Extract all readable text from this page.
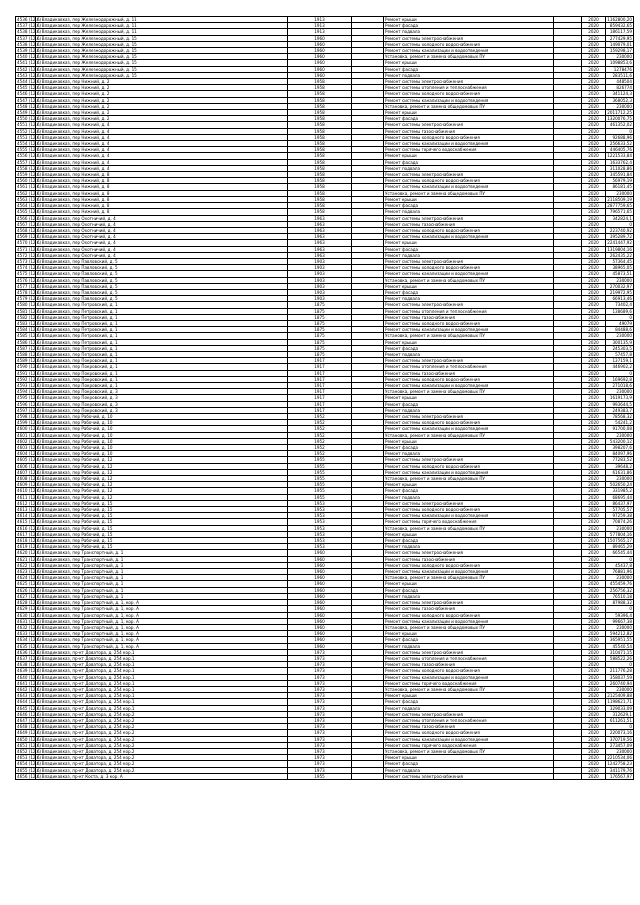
4536 (12.6)	г. Владикавказ, пер Железнодорожный, д. 11	1913		Ремонт крыши		2020	1162800,20
4537 (12.6)	г. Владикавказ, пер Железнодорожный, д. 11	1913		Ремонт фасада		2020	859432,65
4538 (12.6)	г. Владикавказ, пер Железнодорожный, д. 11	1913		Ремонт подвала		2020	186117,59
4537 (12.6)	г. Владикавказ, пер Железнодорожный, д. 15	1960		Ремонт системы электроснабжения		2020	277429,95
4538 (12.6)	г. Владикавказ, пер Железнодорожный, д. 15	1960		Ремонт системы холодного водоснабжения		2020	149079,01
4539 (12.6)	г. Владикавказ, пер Железнодорожный, д. 15	1960		Ремонт системы канализации и водоотведения		2020	159298,17
4540 (12.6)	г. Владикавказ, пер Железнодорожный, д. 15	1960		Установка, ремонт и замена общедомовых ПУ		2020	230000
4541 (12.6)	г. Владикавказ, пер Железнодорожный, д. 15	1960		Ремонт крыши		2020	1098853,6
4542 (12.6)	г. Владикавказ, пер Железнодорожный, д. 15	1960		Ремонт фасада		2020	1278476
4543 (12.6)	г. Владикавказ, пер Железнодорожный, д. 15	1960		Ремонт подвала		2020	283511,6
4544 (12.6)	г. Владикавказ, пер Нижний, д. 2	1958		Ремонт системы электроснабжения		2020	448504
4545 (12.6)	г. Владикавказ, пер Нижний, д. 2	1958		Ремонт системы отопления и теплоснабжения		2020	826774
4546 (12.6)	г. Владикавказ, пер Нижний, д. 2	1958		Ремонт системы холодного водоснабжения		2020	341124,3
4547 (12.6)	г. Владикавказ, пер Нижний, д. 2	1958		Ремонт системы канализации и водоотведения		2020	368052,3
4548 (12.6)	г. Владикавказ, пер Нижний, д. 2	1958		Установка, ремонт и замена общедомовых ПУ		2020	230000
4549 (12.6)	г. Владикавказ, пер Нижний, д. 2	1958		Ремонт крыши		2020	2011712,25
4550 (12.6)	г. Владикавказ, пер Нижний, д. 2	1958		Ремонт фасада		2020	1320076,75
4551 (12.6)	г. Владикавказ, пер Нижний, д. 4	1958		Ремонт системы электроснабжения		2020	461352,02
4552 (12.6)	г. Владикавказ, пер Нижний, д. 4	1958		Ремонт системы газоснабжения		2020	0
4553 (12.6)	г. Владикавказ, пер Нижний, д. 4	1958		Ремонт системы холодного водоснабжения		2020	92688,96
4554 (12.6)	г. Владикавказ, пер Нижний, д. 4	1958		Ремонт системы канализации и водоотведения		2020	256633,52
4555 (12.6)	г. Владикавказ, пер Нижний, д. 4	1958		Ремонт системы горячего водоснабжения		2020	446405,76
4556 (12.6)	г. Владикавказ, пер Нижний, д. 4	1958		Ремонт крыши		2020	1221533,84
4557 (12.6)	г. Владикавказ, пер Нижний, д. 4	1958		Ремонт фасада		2020	1633762,4
4558 (12.6)	г. Владикавказ, пер Нижний, д. 4	1958		Ремонт подвала		2020	311028,86
4559 (12.6)	г. Владикавказ, пер Нижний, д. 8	1958		Ремонт системы электроснабжения		2020	345591,84
4560 (12.6)	г. Владикавказ, пер Нижний, д. 8	1958		Ремонт системы холодного водоснабжения		2020	56979,19
4561 (12.6)	г. Владикавказ, пер Нижний, д. 8	1958		Ремонт системы канализации и водоотведения		2020	86181,45
4562 (12.6)	г. Владикавказ, пер Нижний, д. 8	1958		Установка, ремонт и замена общедомовых ПУ		2020	230000
4563 (12.6)	г. Владикавказ, пер Нижний, д. 8	1958		Ремонт крыши		2020	2118509,19
4564 (12.6)	г. Владикавказ, пер Нижний, д. 8	1958		Ремонт фасада		2020	2877759,65
4565 (12.6)	г. Владикавказ, пер Нижний, д. 8	1958		Ремонт подвала		2020	796571,65
4566 (12.6)	г. Владикавказ, пер Охотничий, д. 4	1963		Ремонт системы электроснабжения		2020	342824,1
4567 (12.6)	г. Владикавказ, пер Охотничий, д. 4	1963		Ремонт системы газоснабжения		2020	0
4568 (12.6)	г. Владикавказ, пер Охотничий, д. 4	1963		Ремонт системы холодного водоснабжения		2020	223740,92
4569 (12.6)	г. Владикавказ, пер Охотничий, д. 4	1963		Ремонт системы канализации и водоотведения		2020	395289,72
4570 (12.6)	г. Владикавказ, пер Охотничий, д. 4	1963		Ремонт крыши		2020	2241447,92
4571 (12.6)	г. Владикавказ, пер Охотничий, д. 4	1963		Ремонт фасада		2020	1319804,16
4572 (12.6)	г. Владикавказ, пер Охотничий, д. 4	1963		Ремонт подвала		2020	262435,22
4573 (12.6)	г. Владикавказ, пер Павловский, д. 5	1903		Ремонт системы электроснабжения		2020	57364,45
4574 (12.6)	г. Владикавказ, пер Павловский, д. 5	1903		Ремонт системы холодного водоснабжения		2020	38965,05
4575 (12.6)	г. Владикавказ, пер Павловский, д. 5	1903		Ремонт системы канализации и водоотведения		2020	45873,51
4576 (12.6)	г. Владикавказ, пер Павловский, д. 5	1903		Установка, ремонт и замена общедомовых ПУ		2020	230000
4577 (12.6)	г. Владикавказ, пер Павловский, д. 5	1903		Ремонт крыши		2020	270032,97
4578 (12.6)	г. Владикавказ, пер Павловский, д. 5	1903		Ремонт фасада		2020	219972,95
4579 (12.6)	г. Владикавказ, пер Павловский, д. 5	1903		Ремонт подвала		2020	66913,46
4580 (12.6)	г. Владикавказ, пер Петровский, д. 1	1875		Ремонт системы электроснабжения		2020	73402,4
4581 (12.6)	г. Владикавказ, пер Петровский, д. 1	1875		Ремонт системы отопления и теплоснабжения		2020	138689,6
4582 (12.6)	г. Владикавказ, пер Петровский, д. 1	1875		Ремонт системы газоснабжения		2020	0
4583 (12.6)	г. Владикавказ, пер Петровский, д. 1	1875		Ремонт системы холодного водоснабжения		2020	49079
4584 (12.6)	г. Владикавказ, пер Петровский, д. 1	1875		Ремонт системы канализации и водоотведения		2020	84488,6
4585 (12.6)	г. Владикавказ, пер Петровский, д. 1	1875		Установка, ремонт и замена общедомовых ПУ		2020	230000
4586 (12.6)	г. Владикавказ, пер Петровский, д. 1	1875		Ремонт крыши		2020	300135,9
4587 (12.6)	г. Владикавказ, пер Петровский, д. 1	1875		Ремонт фасада		2020	245303,5
4588 (12.6)	г. Владикавказ, пер Петровский, д. 1	1875		Ремонт подвала		2020	57457,8
4589 (12.6)	г. Владикавказ, пер Покровский, д. 1	1917		Ремонт системы электроснабжения		2020	137159,1
4590 (12.6)	г. Владикавказ, пер Покровский, д. 1	1917		Ремонт системы отопления и теплоснабжения		2020	446902,2
4591 (12.6)	г. Владикавказ, пер Покровский, д. 1	1917		Ремонт системы газоснабжения		2020	0
4592 (12.6)	г. Владикавказ, пер Покровский, д. 1	1917		Ремонт системы холодного водоснабжения		2020	169692,8
4593 (12.6)	г. Владикавказ, пер Покровский, д. 1	1917		Ремонт системы канализации и водоотведения		2020	271018,6
4594 (12.6)	г. Владикавказ, пер Покровский, д. 3	1917		Установка, ремонт и замена общедомовых ПУ		2020	230000
4595 (12.6)	г. Владикавказ, пер Покровский, д. 3	1917		Ремонт крыши		2020	1619173,9
4596 (12.6)	г. Владикавказ, пер Покровский, д. 3	1917		Ремонт фасада		2020	993644,5
4597 (12.6)	г. Владикавказ, пер Покровский, д. 3	1917		Ремонт подвала		2020	249383,7
4598 (12.6)	г. Владикавказ, пер Рабочий, д. 10	1952		Ремонт системы электроснабжения		2020	78568,32
4599 (12.6)	г. Владикавказ, пер Рабочий, д. 10	1952		Ремонт системы холодного водоснабжения		2020	54241,2
4600 (12.6)	г. Владикавказ, пер Рабочий, д. 10	1952		Ремонт системы канализации и водоотведения		2020	91700,08
4601 (12.6)	г. Владикавказ, пер Рабочий, д. 10	1952		Установка, ремонт и замена общедомовых ПУ		2020	230000
4602 (12.6)	г. Владикавказ, пер Рабочий, д. 10	1952		Ремонт крыши		2020	543200,12
4603 (12.6)	г. Владикавказ, пер Рабочий, д. 10	1952		Ремонт фасада		2020	398207,6
4604 (12.6)	г. Владикавказ, пер Рабочий, д. 10	1952		Ремонт подвала		2020	84097,96
4605 (12.6)	г. Владикавказ, пер Рабочий, д. 12	1955		Ремонт системы электроснабжения		2020	77283,52
4606 (12.6)	г. Владикавказ, пер Рабочий, д. 12	1955		Ремонт системы холодного водоснабжения		2020	39648,2
4607 (12.6)	г. Владикавказ, пер Рабочий, д. 12	1955		Ремонт системы канализации и водоотведения		2020	61631,86
4608 (12.6)	г. Владикавказ, пер Рабочий, д. 12	1955		Установка, ремонт и замена общедомовых ПУ		2020	230000
4609 (12.6)	г. Владикавказ, пер Рабочий, д. 12	1955		Ремонт крыши		2020	502650,24
4610 (12.6)	г. Владикавказ, пер Рабочий, д. 12	1955		Ремонт фасада		2020	331985,2
4611 (12.6)	г. Владикавказ, пер Рабочий, д. 12	1955		Ремонт подвала		2020	68695,44
4612 (12.6)	г. Владикавказ, пер Рабочий, д. 15	1953		Ремонт системы электроснабжения		2020	86437,97
4613 (12.6)	г. Владикавказ, пер Рабочий, д. 15	1953		Ремонт системы холодного водоснабжения		2020	57705,57
4614 (12.6)	г. Владикавказ, пер Рабочий, д. 15	1953		Ремонт системы канализации и водоотведения		2020	97259,38
4615 (12.6)	г. Владикавказ, пер Рабочий, д. 15	1953		Ремонт системы горячего водоснабжения		2020	70874,26
4616 (12.6)	г. Владикавказ, пер Рабочий, д. 15	1953		Установка, ремонт и замена общедомовых ПУ		2020	230000
4617 (12.6)	г. Владикавказ, пер Рабочий, д. 15	1953		Ремонт крыши		2020	577804,16
4618 (12.6)	г. Владикавказ, пер Рабочий, д. 15	1953		Ремонт фасада		2020	1507565,17
4619 (12.6)	г. Владикавказ, пер Рабочий, д. 15	1953		Ремонт подвала		2020	89465,29
4620 (12.6)	г. Владикавказ, пер Транспортный, д. 1	1960		Ремонт системы электроснабжения		2020	66545,44
4621 (12.6)	г. Владикавказ, пер Транспортный, д. 1	1960		Ремонт системы газоснабжения		2020	0
4622 (12.6)	г. Владикавказ, пер Транспортный, д. 1	1960		Ремонт системы холодного водоснабжения		2020	45437,8
4623 (12.6)	г. Владикавказ, пер Транспортный, д. 1	1960		Ремонт системы канализации и водоотведения		2020	76881,96
4624 (12.6)	г. Владикавказ, пер Транспортный, д. 1	1960		Установка, ремонт и замена общедомовых ПУ		2020	230000
4625 (12.6)	г. Владикавказ, пер Транспортный, д. 1	1960		Ремонт крыши		2020	455459,76
4626 (12.6)	г. Владикавказ, пер Транспортный, д. 1	1960		Ремонт фасада		2020	256756,32
4627 (12.6)	г. Владикавказ, пер Транспортный, д. 1	1960		Ремонт подвала		2020	76510,18
4628 (12.6)	г. Владикавказ, пер Транспортный, д. 1, кор. А	1960		Ремонт системы электроснабжения		2020	87988,32
4629 (12.6)	г. Владикавказ, пер Транспортный, д. 1, кор. А	1960		Ремонт системы газоснабжения		2020	0
4630 (12.6)	г. Владикавказ, пер Транспортный, д. 1, кор. А	1960		Ремонт системы холодного водоснабжения		2020	59396,4
4631 (12.6)	г. Владикавказ, пер Транспортный, д. 1, кор. А	1960		Ремонт системы канализации и водоотведения		2020	99667,38
4632 (12.6)	г. Владикавказ, пер Транспортный, д. 1, кор. А	1960		Установка, ремонт и замена общедомовых ПУ		2020	230000
4633 (12.6)	г. Владикавказ, пер Транспортный, д. 1, кор. А	1960		Ремонт крыши		2020	594212,82
4634 (12.6)	г. Владикавказ, пер Транспортный, д. 1, кор. А	1960		Ремонт фасада		2020	365951,55
4635 (12.6)	г. Владикавказ, пер Транспортный, д. 1, кор. А	1960		Ремонт подвала		2020	45540,54
4636 (12.6)	г. Владикавказ, пр-кт Доватора, д. 254 кор.1	1973		Ремонт системы электроснабжения		2020	310471,15
4637 (12.6)	г. Владикавказ, пр-кт Доватора, д. 254 кор.1	1973		Ремонт системы отопления и теплоснабжения		2020	588522,26
4638 (12.6)	г. Владикавказ, пр-кт Доватора, д. 254 кор.1	1973		Ремонт системы газоснабжения		2020	0
4639 (12.6)	г. Владикавказ, пр-кт Доватора, д. 254 кор.1	1973		Ремонт системы холодного водоснабжения		2020	211776,28
4640 (12.6)	г. Владикавказ, пр-кт Доватора, д. 254 кор.1	1973		Ремонт системы канализации и водоотведения		2020	358037,59
4641 (12.6)	г. Владикавказ, пр-кт Доватора, д. 254 кор.1	1973		Ремонт системы горячего водоснабжения		2020	260740,94
4642 (12.6)	г. Владикавказ, пр-кт Доватора, д. 254 кор.1	1973		Установка, ремонт и замена общедомовых ПУ		2020	230000
4643 (12.6)	г. Владикавказ, пр-кт Доватора, д. 254 кор.1	1973		Ремонт крыши		2020	2125409,88
4644 (12.6)	г. Владикавказ, пр-кт Доватора, д. 254 кор.1	1973		Ремонт фасада		2020	1198621,71
4645 (12.6)	г. Владикавказ, пр-кт Доватора, д. 254 кор.1	1973		Ремонт подвала		2020	329033,09
4646 (12.6)	г. Владикавказ, пр-кт Доватора, д. 254 кор.2	1973		Ремонт системы электроснабжения		2020	312629,1
4647 (12.6)	г. Владикавказ, пр-кт Доватора, д. 254 кор.2	1973		Ремонт системы отопления и теплоснабжения		2020	611261,51
4648 (12.6)	г. Владикавказ, пр-кт Доватора, д. 254 кор.2	1973		Ремонт системы газоснабжения		2020	0
4649 (12.6)	г. Владикавказ, пр-кт Доватора, д. 254 кор.2	1973		Ремонт системы холодного водоснабжения		2020	220073,16
4650 (12.6)	г. Владикавказ, пр-кт Доватора, д. 254 кор.2	1973		Ремонт системы канализации и водоотведения		2020	370719,56
4651 (12.6)	г. Владикавказ, пр-кт Доватора, д. 254 кор.2	1973		Ремонт системы горячего водоснабжения		2020	273457,09
4652 (12.6)	г. Владикавказ, пр-кт Доватора, д. 254 кор.2	1973		Установка, ремонт и замена общедомовых ПУ		2020	230000
4653 (12.6)	г. Владикавказ, пр-кт Доватора, д. 254 кор.2	1973		Ремонт крыши		2020	2210534,06
4654 (12.6)	г. Владикавказ, пр-кт Доватора, д. 254 кор.2	1973		Ремонт фасада		2020	1242758,23
4655 (12.6)	г. Владикавказ, пр-кт Доватора, д. 254 кор.2	1973		Ремонт подвала		2020	341179,76
4656 (12.6)	г. Владикавказ, пр-кт Коста, д. 3 кор. А	1955		Ремонт системы электроснабжения		2020	176567,97
